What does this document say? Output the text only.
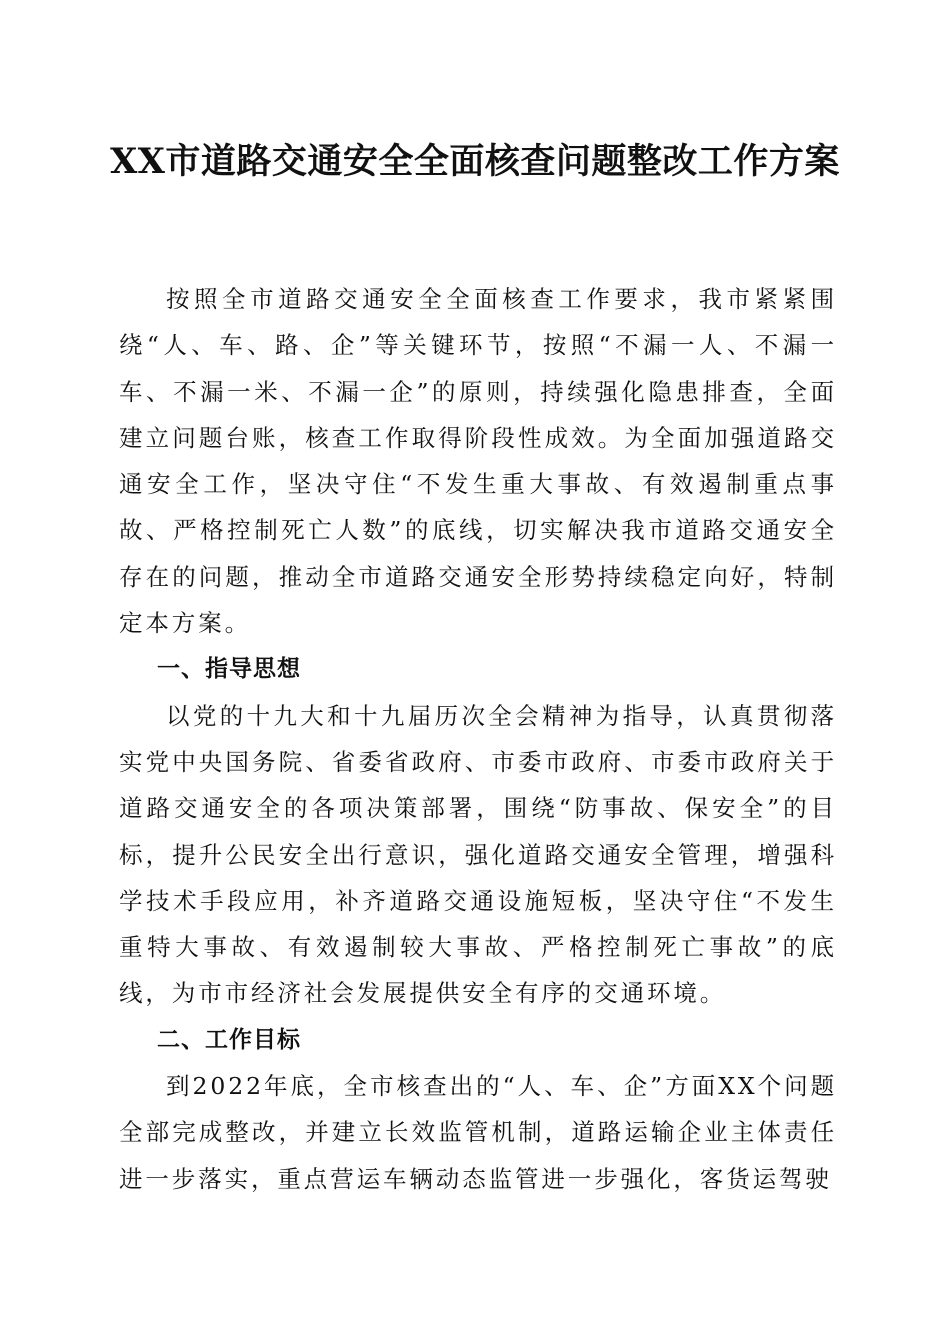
XX市道路交通安全全面核查问题整改工作方案

按照全市道路交通安全全面核查工作要求，我市紧紧围绕“人、车、路、企”等关键环节，按照“不漏一人、不漏一车、不漏一米、不漏一企”的原则，持续强化隐患排查，全面建立问题台账，核查工作取得阶段性成效。为全面加强道路交通安全工作，坚决守住“不发生重大事故、有效遏制重点事故、严格控制死亡人数”的底线，切实解决我市道路交通安全存在的问题，推动全市道路交通安全形势持续稳定向好，特制定本方案。

一、指导思想

以党的十九大和十九届历次全会精神为指导，认真贯彻落实党中央国务院、省委省政府、市委市政府、市委市政府关于道路交通安全的各项决策部署，围绕“防事故、保安全”的目标，提升公民安全出行意识，强化道路交通安全管理，增强科学技术手段应用，补齐道路交通设施短板，坚决守住“不发生重特大事故、有效遏制较大事故、严格控制死亡事故”的底线，为市市经济社会发展提供安全有序的交通环境。

二、工作目标

到2022年底，全市核查出的“人、车、企”方面XX个问题全部完成整改，并建立长效监管机制，道路运输企业主体责任进一步落实，重点营运车辆动态监管进一步强化，客货运驾驶
